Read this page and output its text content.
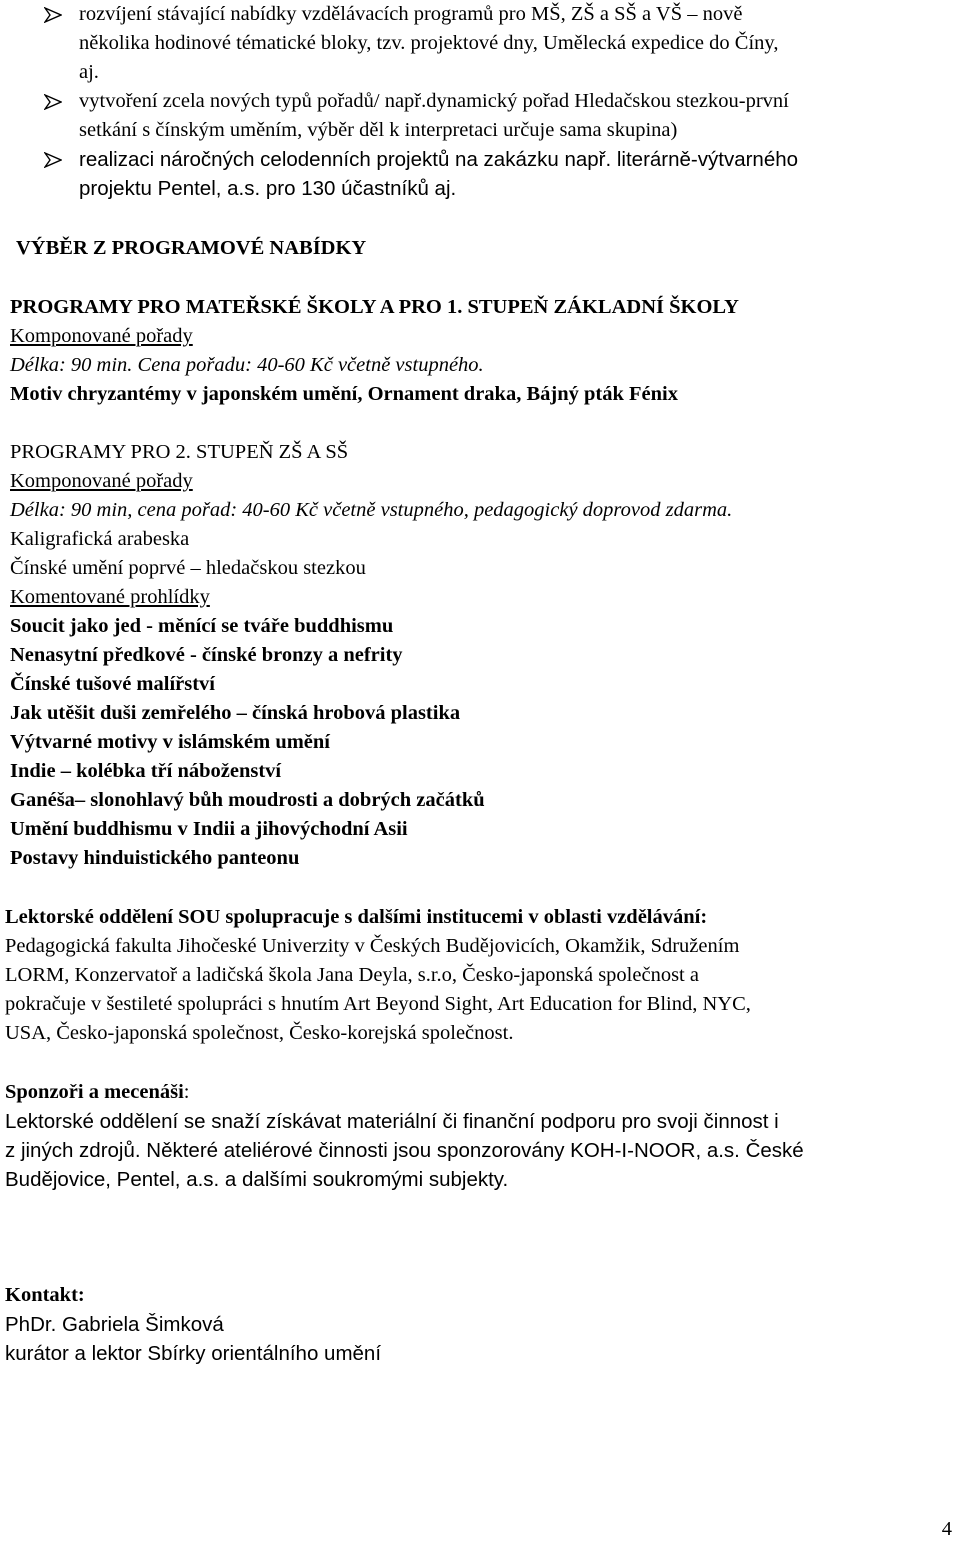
rozvíjení stávající nabídky vzdělávacích programů pro MŠ, ZŠ a SŠ a VŠ – nově
několika hodinové tématické bloky, tzv. projektové dny, Umělecká expedice do Číny,
aj.
vytvoření zcela nových typů pořadů/ např.dynamický pořad Hledačskou stezkou-první
setkání s čínským uměním, výběr děl k interpretaci určuje sama skupina)
realizaci náročných celodenních projektů na zakázku např. literárně-výtvarného
projektu Pentel, a.s. pro 130 účastníků aj.
VÝBĚR Z PROGRAMOVÉ NABÍDKY
PROGRAMY PRO MATEŘSKÉ ŠKOLY A PRO 1. STUPEŇ ZÁKLADNÍ ŠKOLY
Komponované pořady
Délka: 90 min. Cena pořadu: 40-60 Kč včetně vstupného.
Motiv chryzantémy v japonském umění, Ornament draka, Bájný pták Fénix
PROGRAMY PRO 2. STUPEŇ ZŠ A SŠ
Komponované pořady
Délka: 90 min, cena pořad: 40-60 Kč včetně vstupného, pedagogický doprovod zdarma.
Kaligrafická arabeska
Čínské umění poprvé – hledačskou stezkou
Komentované prohlídky
Soucit jako jed - měnící se tváře buddhismu
Nenasytní předkové - čínské bronzy a nefrity
Čínské tušové malířství
Jak utěšit duši zemřelého – čínská hrobová plastika
Výtvarné motivy v islámském umění
Indie – kolébka tří náboženství
Ganéša– slonohlavý bůh moudrosti a dobrých začátků
Umění buddhismu v Indii a jihovýchodní Asii
Postavy hinduistického panteonu
Lektorské oddělení SOU spolupracuje s dalšími institucemi v oblasti vzdělávání:
Pedagogická fakulta Jihočeské Univerzity v Českých Budějovicích, Okamžik, Sdružením
LORM, Konzervatoř a ladičská škola Jana Deyla, s.r.o, Česko-japonská společnost a
pokračuje v šestileté spolupráci s hnutím Art Beyond Sight, Art Education for Blind, NYC,
USA, Česko-japonská společnost, Česko-korejská společnost.
Sponzoři a mecenáši:
Lektorské oddělení se snaží získávat materiální či finanční podporu pro svoji činnost i
z jiných zdrojů. Některé ateliérové činnosti jsou sponzorovány KOH-I-NOOR, a.s. České
Budějovice, Pentel, a.s. a dalšími soukromými subjekty.
Kontakt:
PhDr. Gabriela Šimková
kurátor a lektor Sbírky orientálního umění
4
